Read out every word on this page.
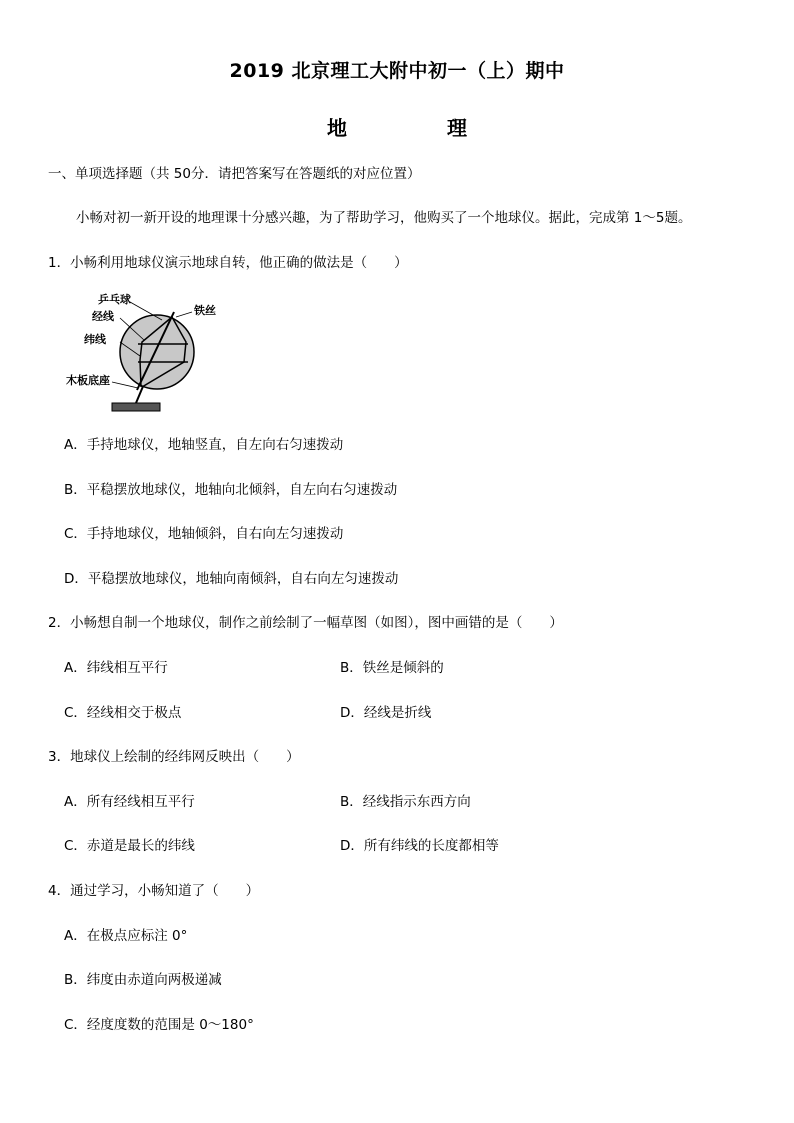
2019 北京理工大附中初一（上）期中
地　理
一、单项选择题（共 50分．请把答案写在答题纸的对应位置）
小畅对初一新开设的地理课十分感兴趣，为了帮助学习，他购买了一个地球仪。据此，完成第 1～5题。
1．小畅利用地球仪演示地球自转，他正确的做法是（　　）
乒乓球
经线	铁丝
纬线
木板底座
A．手持地球仪，地轴竖直，自左向右匀速拨动
B．平稳摆放地球仪，地轴向北倾斜，自左向右匀速拨动
C．手持地球仪，地轴倾斜，自右向左匀速拨动
D．平稳摆放地球仪，地轴向南倾斜，自右向左匀速拨动
2．小畅想自制一个地球仪，制作之前绘制了一幅草图（如图），图中画错的是（　　）
A．纬线相互平行	B．铁丝是倾斜的
C．经线相交于极点	D．经线是折线
3．地球仪上绘制的经纬网反映出（　　）
A．所有经线相互平行	B．经线指示东西方向
C．赤道是最长的纬线	D．所有纬线的长度都相等
4．通过学习，小畅知道了（　　）
A．在极点应标注 0°
B．纬度由赤道向两极递减
C．经度度数的范围是 0～180°
